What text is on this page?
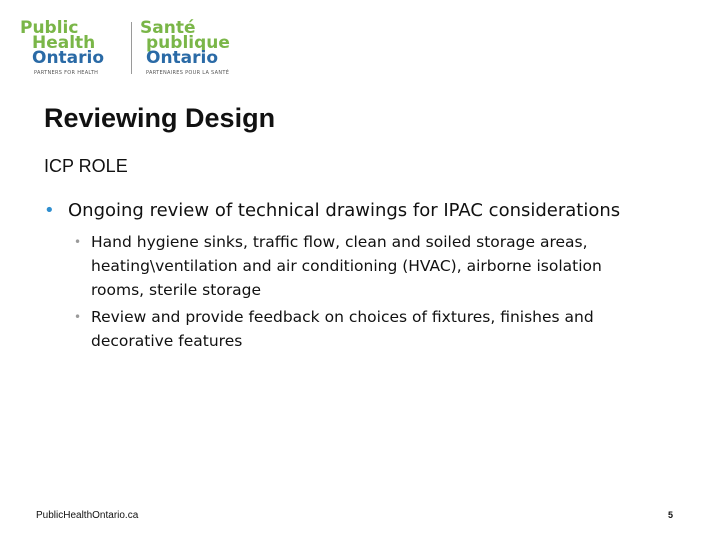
Public
Health
Ontario
PARTNERS FOR HEALTH
Santé
publique
Ontario
PARTENAIRES POUR LA SANTÉ
Reviewing Design
ICP ROLE
• Ongoing review of technical drawings for IPAC considerations
• Hand hygiene sinks, traffic flow, clean and soiled storage areas, heating\ventilation and air conditioning (HVAC), airborne isolation rooms, sterile storage
• Review and provide feedback on choices of fixtures, finishes and decorative features
PublicHealthOntario.ca	5
